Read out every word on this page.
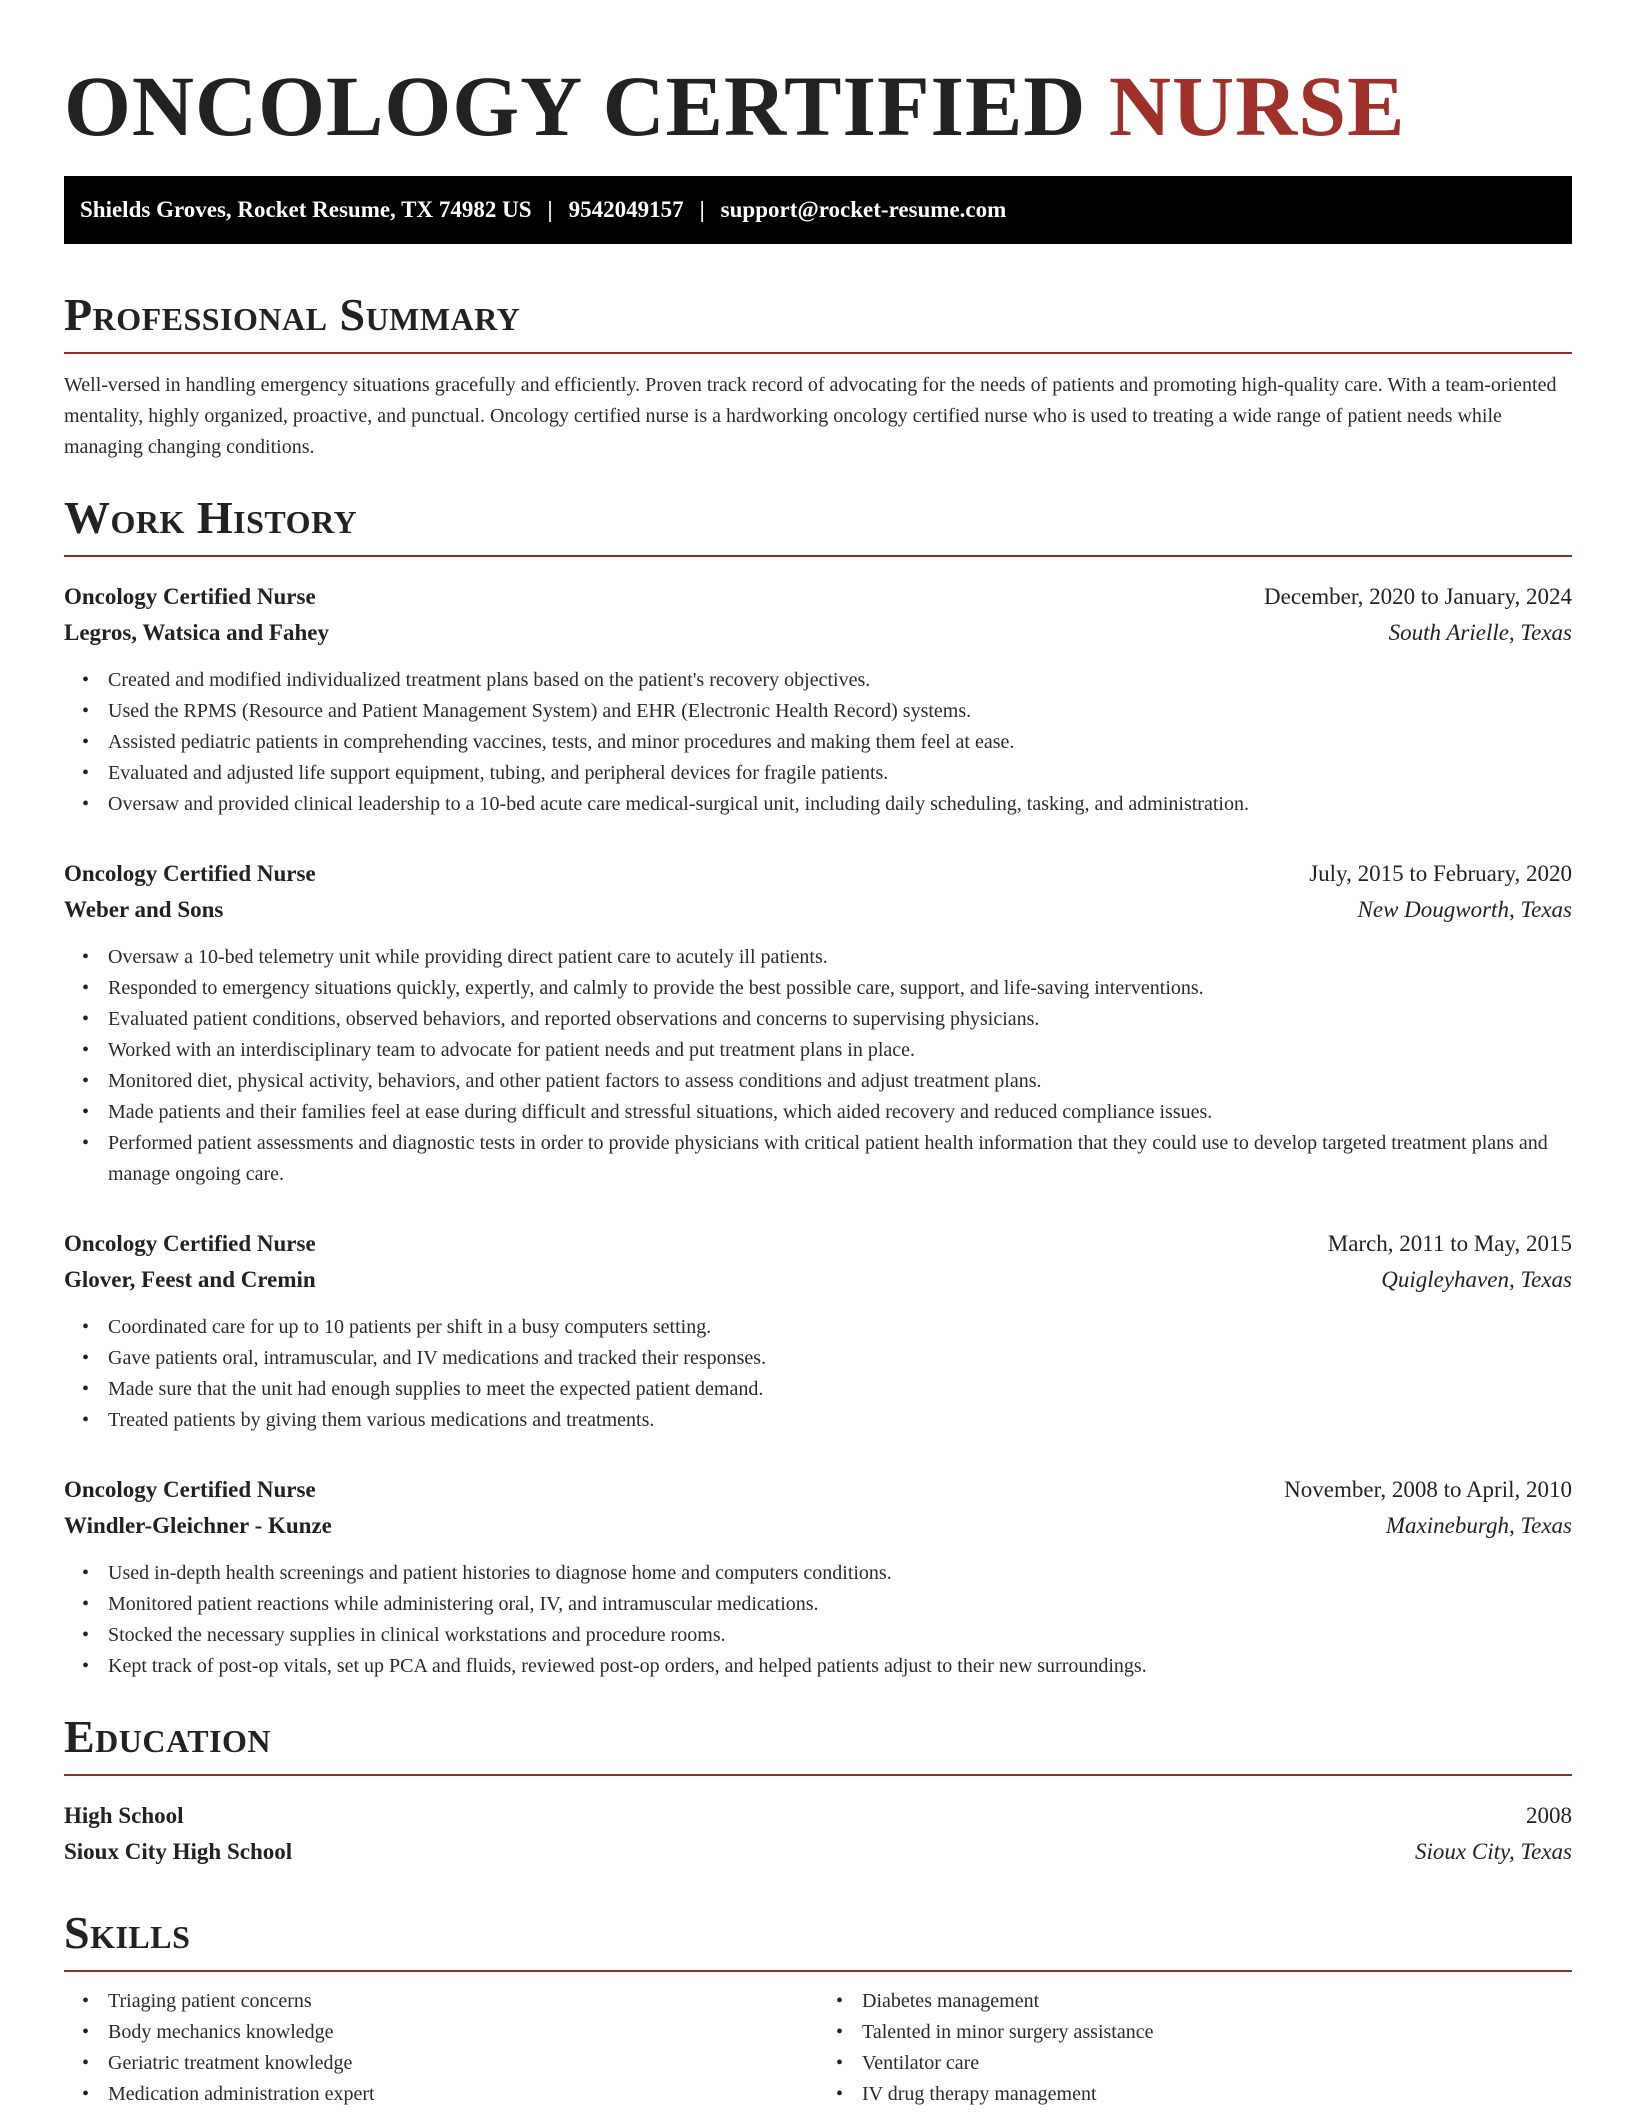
ONCOLOGY CERTIFIED NURSE
Shields Groves, Rocket Resume, TX 74982 US | 9542049157 | support@rocket-resume.com
Professional Summary

Well-versed in handling emergency situations gracefully and efficiently. Proven track record of advocating for the needs of patients and promoting high-quality care. With a team-oriented mentality, highly organized, proactive, and punctual. Oncology certified nurse is a hardworking oncology certified nurse who is used to treating a wide range of patient needs while managing changing conditions.

Work History
Oncology Certified Nurse	December, 2020 to January, 2024
Legros, Watsica and Fahey	South Arielle, Texas
• Created and modified individualized treatment plans based on the patient's recovery objectives.
• Used the RPMS (Resource and Patient Management System) and EHR (Electronic Health Record) systems.
• Assisted pediatric patients in comprehending vaccines, tests, and minor procedures and making them feel at ease.
• Evaluated and adjusted life support equipment, tubing, and peripheral devices for fragile patients.
• Oversaw and provided clinical leadership to a 10-bed acute care medical-surgical unit, including daily scheduling, tasking, and administration.
Oncology Certified Nurse	July, 2015 to February, 2020
Weber and Sons	New Dougworth, Texas
• Oversaw a 10-bed telemetry unit while providing direct patient care to acutely ill patients.
• Responded to emergency situations quickly, expertly, and calmly to provide the best possible care, support, and life-saving interventions.
• Evaluated patient conditions, observed behaviors, and reported observations and concerns to supervising physicians.
• Worked with an interdisciplinary team to advocate for patient needs and put treatment plans in place.
• Monitored diet, physical activity, behaviors, and other patient factors to assess conditions and adjust treatment plans.
• Made patients and their families feel at ease during difficult and stressful situations, which aided recovery and reduced compliance issues.
• Performed patient assessments and diagnostic tests in order to provide physicians with critical patient health information that they could use to develop targeted treatment plans and manage ongoing care.
Oncology Certified Nurse	March, 2011 to May, 2015
Glover, Feest and Cremin	Quigleyhaven, Texas
• Coordinated care for up to 10 patients per shift in a busy computers setting.
• Gave patients oral, intramuscular, and IV medications and tracked their responses.
• Made sure that the unit had enough supplies to meet the expected patient demand.
• Treated patients by giving them various medications and treatments.
Oncology Certified Nurse	November, 2008 to April, 2010
Windler-Gleichner - Kunze	Maxineburgh, Texas
• Used in-depth health screenings and patient histories to diagnose home and computers conditions.
• Monitored patient reactions while administering oral, IV, and intramuscular medications.
• Stocked the necessary supplies in clinical workstations and procedure rooms.
• Kept track of post-op vitals, set up PCA and fluids, reviewed post-op orders, and helped patients adjust to their new surroundings.
Education
High School	2008
Sioux City High School	Sioux City, Texas
Skills
• Triaging patient concerns
• Body mechanics knowledge
• Geriatric treatment knowledge
• Medication administration expert
• Diabetes management
• Talented in minor surgery assistance
• Ventilator care
• IV drug therapy management
